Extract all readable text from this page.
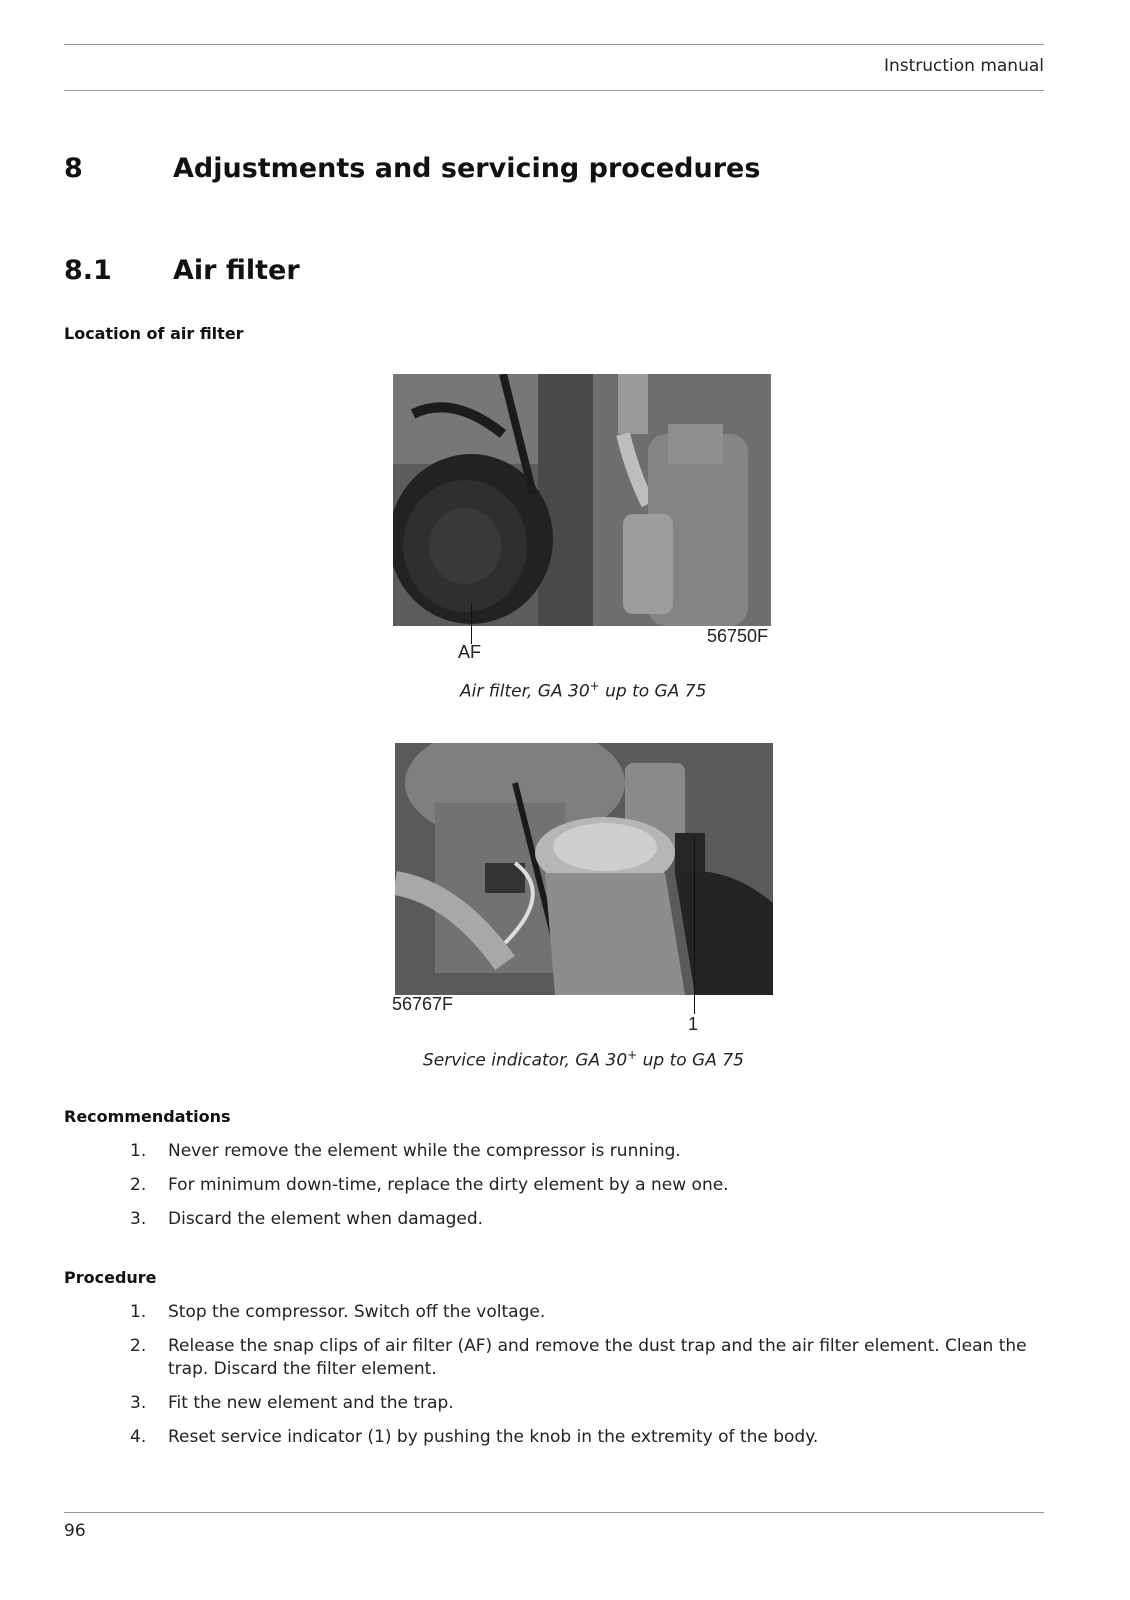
Instruction manual
8	Adjustments and servicing procedures
8.1 Air filter
Location of air filter
AF
56750F
Air filter, GA 30+ up to GA 75
56767F
1
Service indicator, GA 30+ up to GA 75
Recommendations
1. Never remove the element while the compressor is running.
2. For minimum down-time, replace the dirty element by a new one.
3. Discard the element when damaged.
Procedure
1. Stop the compressor. Switch off the voltage.
2. Release the snap clips of air filter (AF) and remove the dust trap and the air filter element. Clean the trap. Discard the filter element.
3. Fit the new element and the trap.
4. Reset service indicator (1) by pushing the knob in the extremity of the body.
96
